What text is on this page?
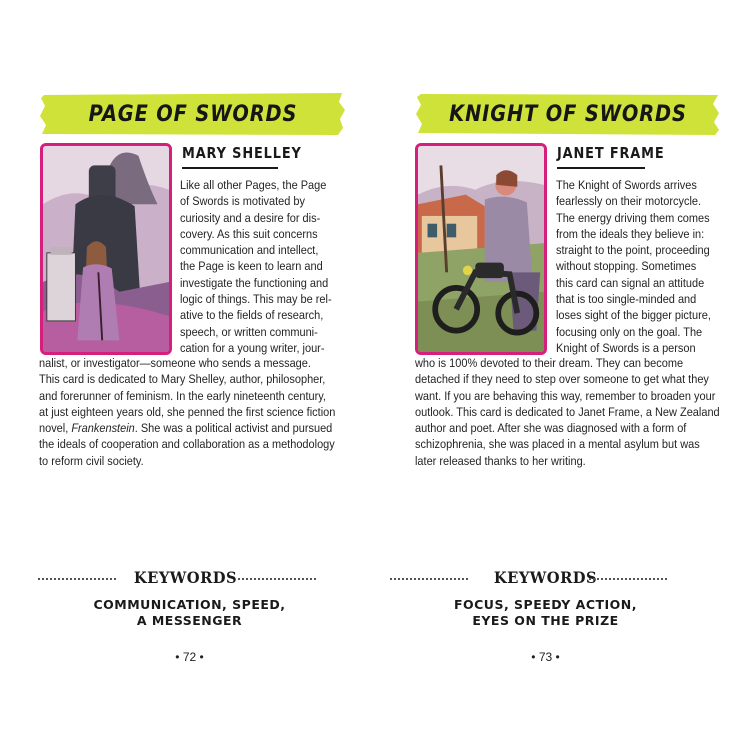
PAGE OF SWORDS
MARY SHELLEY
Like all other Pages, the Page
of Swords is motivated by
curiosity and a desire for dis-
covery. As this suit concerns
communication and intellect,
the Page is keen to learn and
investigate the functioning and
logic of things. This may be rel-
ative to the fields of research,
speech, or written communi-
cation for a young writer, jour-
nalist, or investigator—someone who sends a message.
This card is dedicated to Mary Shelley, author, philosopher,
and forerunner of feminism. In the early nineteenth century,
at just eighteen years old, she penned the first science fiction
novel, Frankenstein. She was a political activist and pursued
the ideals of cooperation and collaboration as a methodology
to reform civil society.
KEYWORDS
COMMUNICATION, SPEED,
A MESSENGER
• 72 •
KNIGHT OF SWORDS
JANET FRAME
The Knight of Swords arrives
fearlessly on their motorcycle.
The energy driving them comes
from the ideals they believe in:
straight to the point, proceeding
without stopping. Sometimes
this card can signal an attitude
that is too single-minded and
loses sight of the bigger picture,
focusing only on the goal. The
Knight of Swords is a person
who is 100% devoted to their dream. They can become
detached if they need to step over someone to get what they
want. If you are behaving this way, remember to broaden your
outlook. This card is dedicated to Janet Frame, a New Zealand
author and poet. After she was diagnosed with a form of
schizophrenia, she was placed in a mental asylum but was
later released thanks to her writing.
KEYWORDS
FOCUS, SPEEDY ACTION,
EYES ON THE PRIZE
• 73 •
